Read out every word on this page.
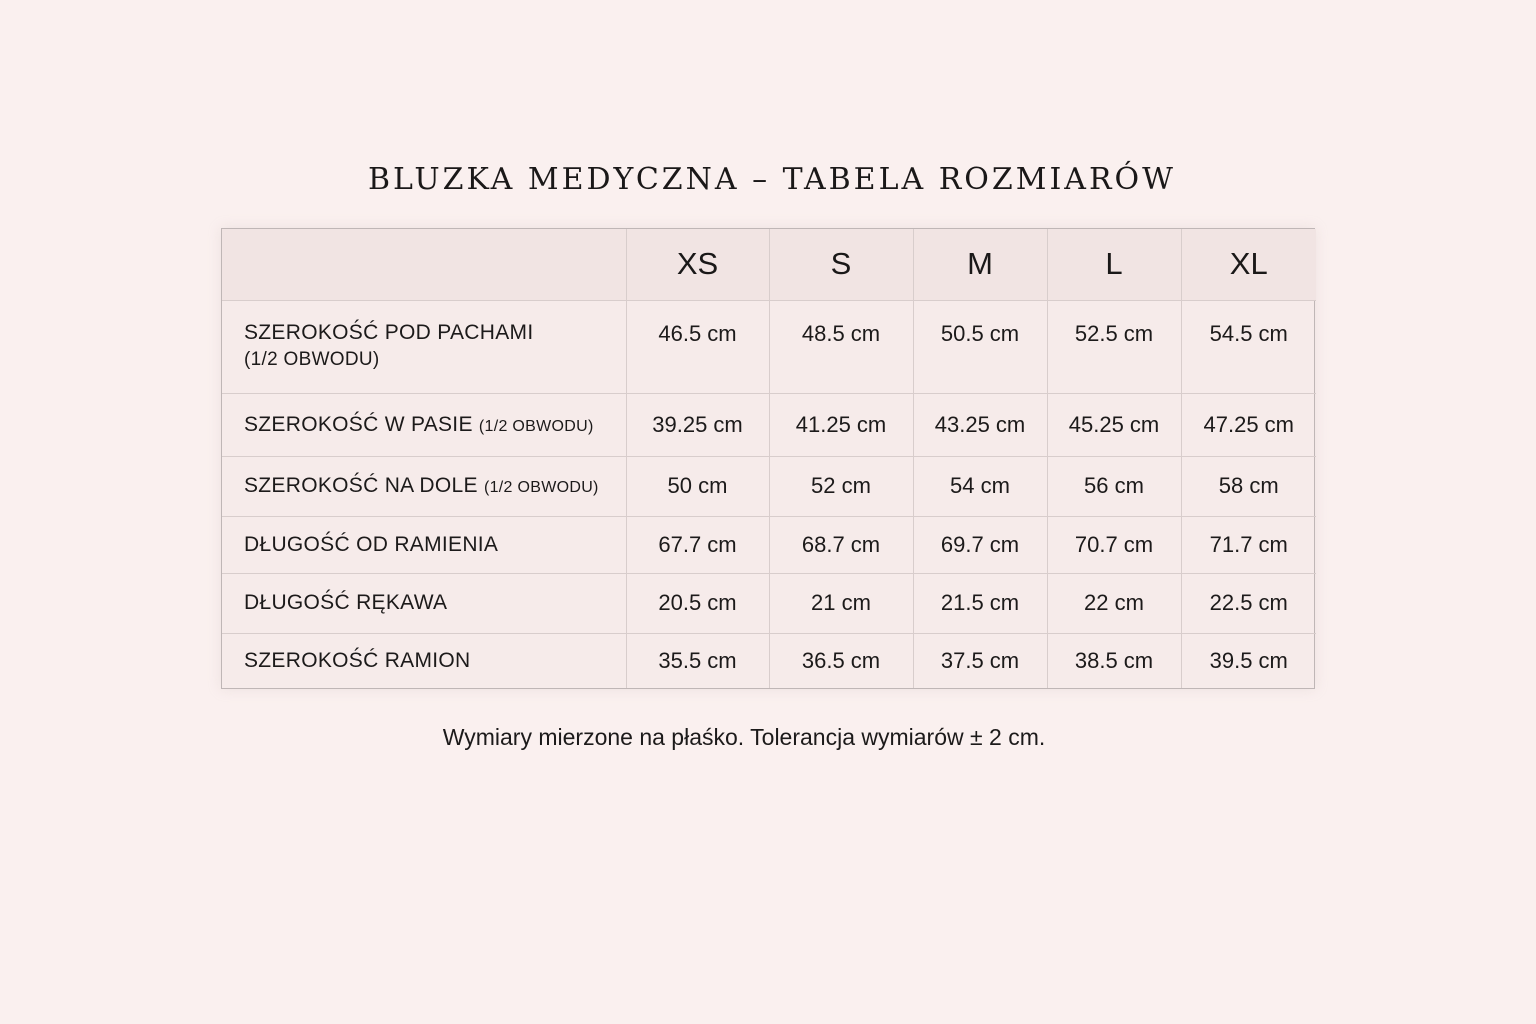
BLUZKA MEDYCZNA – TABELA ROZMIARÓW
	XS	S	M	L	XL
SZEROKOŚĆ POD PACHAMI
(1/2 OBWODU)	46.5 cm	48.5 cm	50.5 cm	52.5 cm	54.5 cm
SZEROKOŚĆ W PASIE (1/2 OBWODU)	39.25 cm	41.25 cm	43.25 cm	45.25 cm	47.25 cm
SZEROKOŚĆ NA DOLE (1/2 OBWODU)	50 cm	52 cm	54 cm	56 cm	58 cm
DŁUGOŚĆ OD RAMIENIA	67.7 cm	68.7 cm	69.7 cm	70.7 cm	71.7 cm
DŁUGOŚĆ RĘKAWA	20.5 cm	21 cm	21.5 cm	22 cm	22.5 cm
SZEROKOŚĆ RAMION	35.5 cm	36.5 cm	37.5 cm	38.5 cm	39.5 cm
Wymiary mierzone na płaśko. Tolerancja wymiarów ± 2 cm.
